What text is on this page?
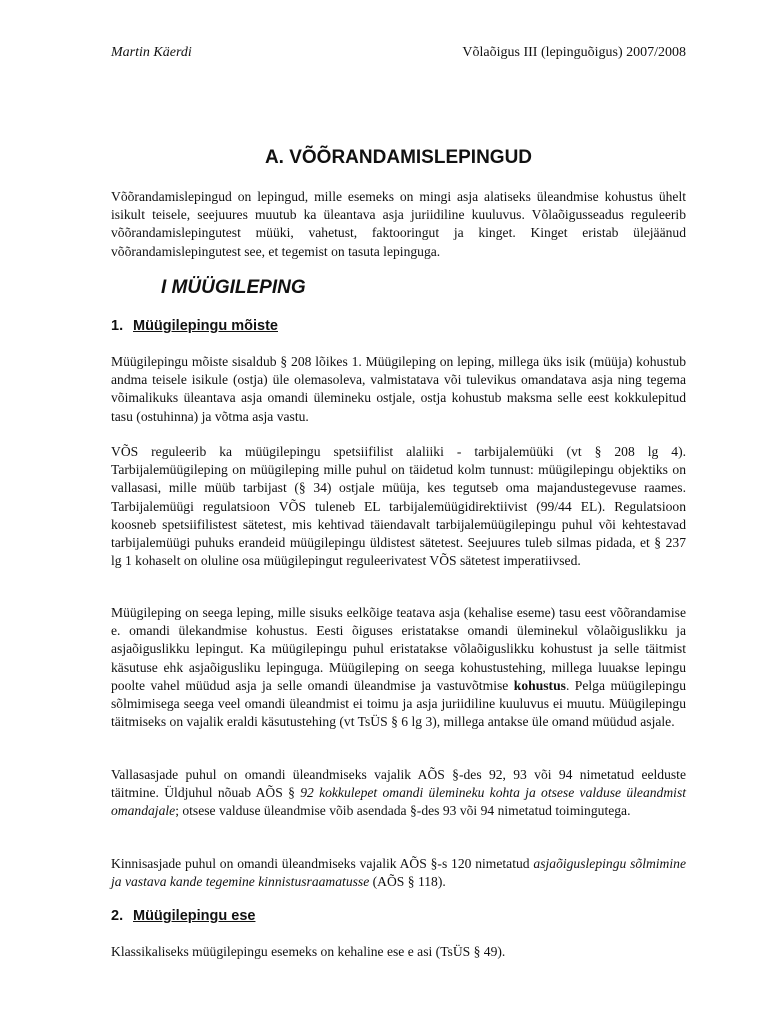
Martin Käerdi	Võlaõigus III (lepinguõigus) 2007/2008
A. VÕÕRANDAMISLEPINGUD

Võõrandamislepingud on lepingud, mille esemeks on mingi asja alatiseks üleandmise kohustus ühelt isikult teisele, seejuures muutub ka üleantava asja juriidiline kuuluvus. Võlaõigusseadus reguleerib võõrandamislepingutest müüki, vahetust, faktooringut ja kinget. Kinget eristab ülejäänud võõrandamislepingutest see, et tegemist on tasuta lepinguga.

I MÜÜGILEPING
1. Müügilepingu mõiste

Müügilepingu mõiste sisaldub § 208 lõikes 1. Müügileping on leping, millega üks isik (müüja) kohustub andma teisele isikule (ostja) üle olemasoleva, valmistatava või tulevikus omandatava asja ning tegema võimalikuks üleantava asja omandi ülemineku ostjale, ostja kohustub maksma selle eest kokkulepitud tasu (ostuhinna) ja võtma asja vastu.

VÕS reguleerib ka müügilepingu spetsiifilist alaliiki - tarbijalemüüki (vt § 208 lg 4). Tarbijalemüügileping on müügileping mille puhul on täidetud kolm tunnust: müügilepingu objektiks on vallasasi, mille müüb tarbijast (§ 34) ostjale müüja, kes tegutseb oma majandustegevuse raames. Tarbijalemüügi regulatsioon VÕS tuleneb EL tarbijalemüügidirektiivist (99/44 EL). Regulatsioon koosneb spetsiifilistest sätetest, mis kehtivad täiendavalt tarbijalemüügilepingu puhul või kehtestavad tarbijalemüügi puhuks erandeid müügilepingu üldistest sätetest. Seejuures tuleb silmas pidada, et § 237 lg 1 kohaselt on oluline osa müügilepingut reguleerivatest VÕS sätetest imperatiivsed.

Müügileping on seega leping, mille sisuks eelkõige teatava asja (kehalise eseme) tasu eest võõrandamise e. omandi ülekandmise kohustus. Eesti õiguses eristatakse omandi üleminekul võlaõiguslikku ja asjaõiguslikku lepingut. Ka müügilepingu puhul eristatakse võlaõiguslikku kohustust ja selle täitmist käsutuse ehk asjaõigusliku lepinguga. Müügileping on seega kohustustehing, millega luuakse lepingu poolte vahel müüdud asja ja selle omandi üleandmise ja vastuvõtmise kohustus. Pelga müügilepingu sõlmimisega seega veel omandi üleandmist ei toimu ja asja juriidiline kuuluvus ei muutu. Müügilepingu täitmiseks on vajalik eraldi käsutustehing (vt TsÜS § 6 lg 3), millega antakse üle omand müüdud asjale.

Vallasasjade puhul on omandi üleandmiseks vajalik AÕS §-des 92, 93 või 94 nimetatud eelduste täitmine. Üldjuhul nõuab AÕS § 92 kokkulepet omandi ülemineku kohta ja otsese valduse üleandmist omandajale; otsese valduse üleandmise võib asendada §-des 93 või 94 nimetatud toimingutega.

Kinnisasjade puhul on omandi üleandmiseks vajalik AÕS §-s 120 nimetatud asjaõiguslepingu sõlmimine ja vastava kande tegemine kinnistusraamatusse (AÕS § 118).

2. Müügilepingu ese

Klassikaliseks müügilepingu esemeks on kehaline ese e asi (TsÜS § 49).
